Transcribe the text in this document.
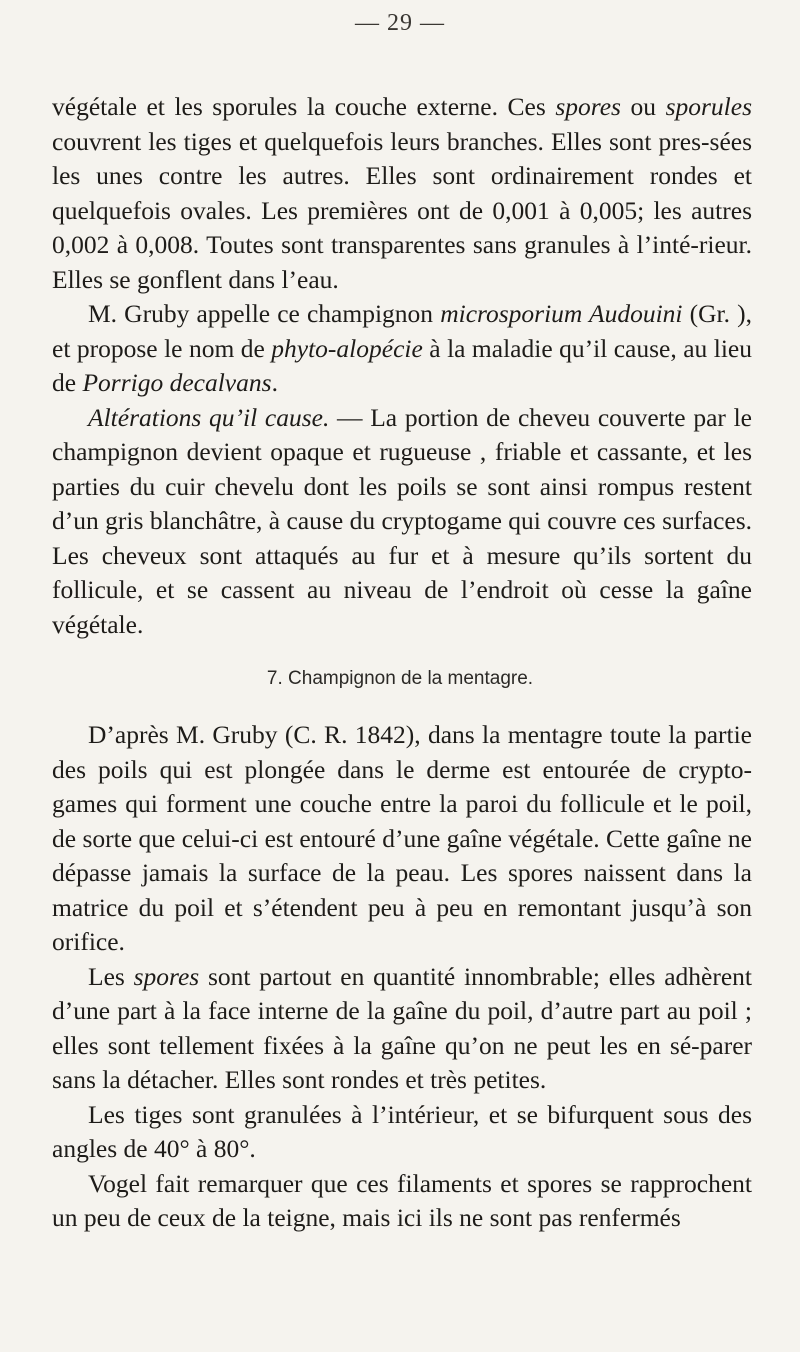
— 29 —

végétale et les sporules la couche externe. Ces spores ou sporules couvrent les tiges et quelquefois leurs branches. Elles sont pres-sées les unes contre les autres. Elles sont ordinairement rondes et quelquefois ovales. Les premières ont de 0,001 à 0,005; les autres 0,002 à 0,008. Toutes sont transparentes sans granules à l’inté-rieur. Elles se gonflent dans l’eau.

M. Gruby appelle ce champignon microsporium Audouini (Gr. ), et propose le nom de phyto-alopécie à la maladie qu’il cause, au lieu de Porrigo decalvans.

Altérations qu’il cause. — La portion de cheveu couverte par le champignon devient opaque et rugueuse , friable et cassante, et les parties du cuir chevelu dont les poils se sont ainsi rompus restent d’un gris blanchâtre, à cause du cryptogame qui couvre ces surfaces. Les cheveux sont attaqués au fur et à mesure qu’ils sortent du follicule, et se cassent au niveau de l’endroit où cesse la gaîne végétale.

7. Champignon de la mentagre.

D’après M. Gruby (C. R. 1842), dans la mentagre toute la partie des poils qui est plongée dans le derme est entourée de crypto-games qui forment une couche entre la paroi du follicule et le poil, de sorte que celui-ci est entouré d’une gaîne végétale. Cette gaîne ne dépasse jamais la surface de la peau. Les spores naissent dans la matrice du poil et s’étendent peu à peu en remontant jusqu’à son orifice.

Les spores sont partout en quantité innombrable; elles adhèrent d’une part à la face interne de la gaîne du poil, d’autre part au poil ; elles sont tellement fixées à la gaîne qu’on ne peut les en sé-parer sans la détacher. Elles sont rondes et très petites.

Les tiges sont granulées à l’intérieur, et se bifurquent sous des angles de 40° à 80°.

Vogel fait remarquer que ces filaments et spores se rapprochent un peu de ceux de la teigne, mais ici ils ne sont pas renfermés
